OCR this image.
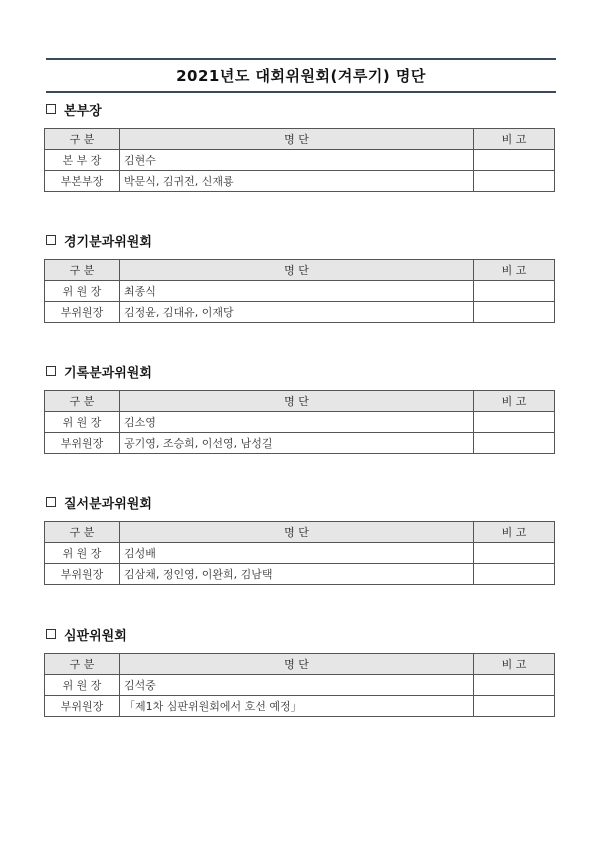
2021년도 대회위원회(겨루기) 명단
본부장
구 분	명 단	비 고
본 부 장	김현수	
부본부장	박문식, 김귀전, 신재룡	
경기분과위원회
구 분	명 단	비 고
위 원 장	최종식	
부위원장	김정윤, 김대유, 이재당	
기록분과위원회
구 분	명 단	비 고
위 원 장	김소영	
부위원장	공기영, 조승희, 이선영, 남성길	
질서분과위원회
구 분	명 단	비 고
위 원 장	김성배	
부위원장	김삼채, 정인영, 이완희, 김남택	
심판위원회
구 분	명 단	비 고
위 원 장	김석중	
부위원장	「제1차 심판위원회에서 호선 예정」	
